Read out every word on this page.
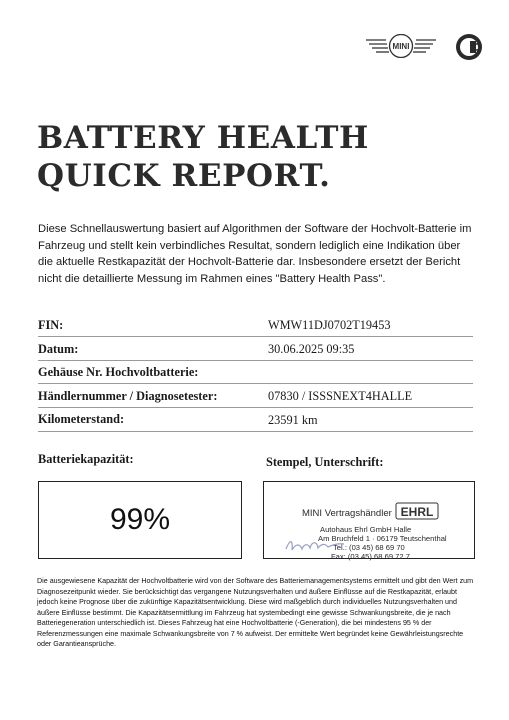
MINI
BATTERY HEALTH
QUICK REPORT.
Diese Schnellauswertung basiert auf Algorithmen der Software der Hochvolt-Batterie im Fahrzeug und stellt kein verbindliches Resultat, sondern lediglich eine Indikation über die aktuelle Restkapazität der Hochvolt-Batterie dar. Insbesondere ersetzt der Bericht nicht die detaillierte Messung im Rahmen eines "Battery Health Pass".
FIN:	WMW11DJ0702T19453
Datum:	30.06.2025 09:35
Gehäuse Nr. Hochvoltbatterie:
Händlernummer / Diagnosetester:	07830 / ISSSNEXT4HALLE
Kilometerstand:	23591 km
Batteriekapazität:	Stempel, Unterschrift:
99%	MINI Vertragshändler EHRL
Autohaus Ehrl GmbH Halle
Am Bruchfeld 1 · 06179 Teutschenthal
Tel.: (03 45) 68 69 70
Fax: (03 45) 68 69 72 7
Die ausgewiesene Kapazität der Hochvoltbatterie wird von der Software des Batteriemanagementsystems ermittelt und gibt den Wert zum Diagnosezeitpunkt wieder. Sie berücksichtigt das vergangene Nutzungsverhalten und äußere Einflüsse auf die Restkapazität, erlaubt jedoch keine Prognose über die zukünftige Kapazitätsentwicklung. Diese wird maßgeblich durch individuelles Nutzungsverhalten und äußere Einflüsse bestimmt. Die Kapazitätsermittlung im Fahrzeug hat systembedingt eine gewisse Schwankungsbreite, die je nach Batteriegeneration unterschiedlich ist. Dieses Fahrzeug hat eine Hochvoltbatterie (-Generation), die bei mindestens 95 % der Referenzmessungen eine maximale Schwankungsbreite von 7 % aufweist. Der ermittelte Wert begründet keine Gewährleistungsrechte oder Garantieansprüche.
